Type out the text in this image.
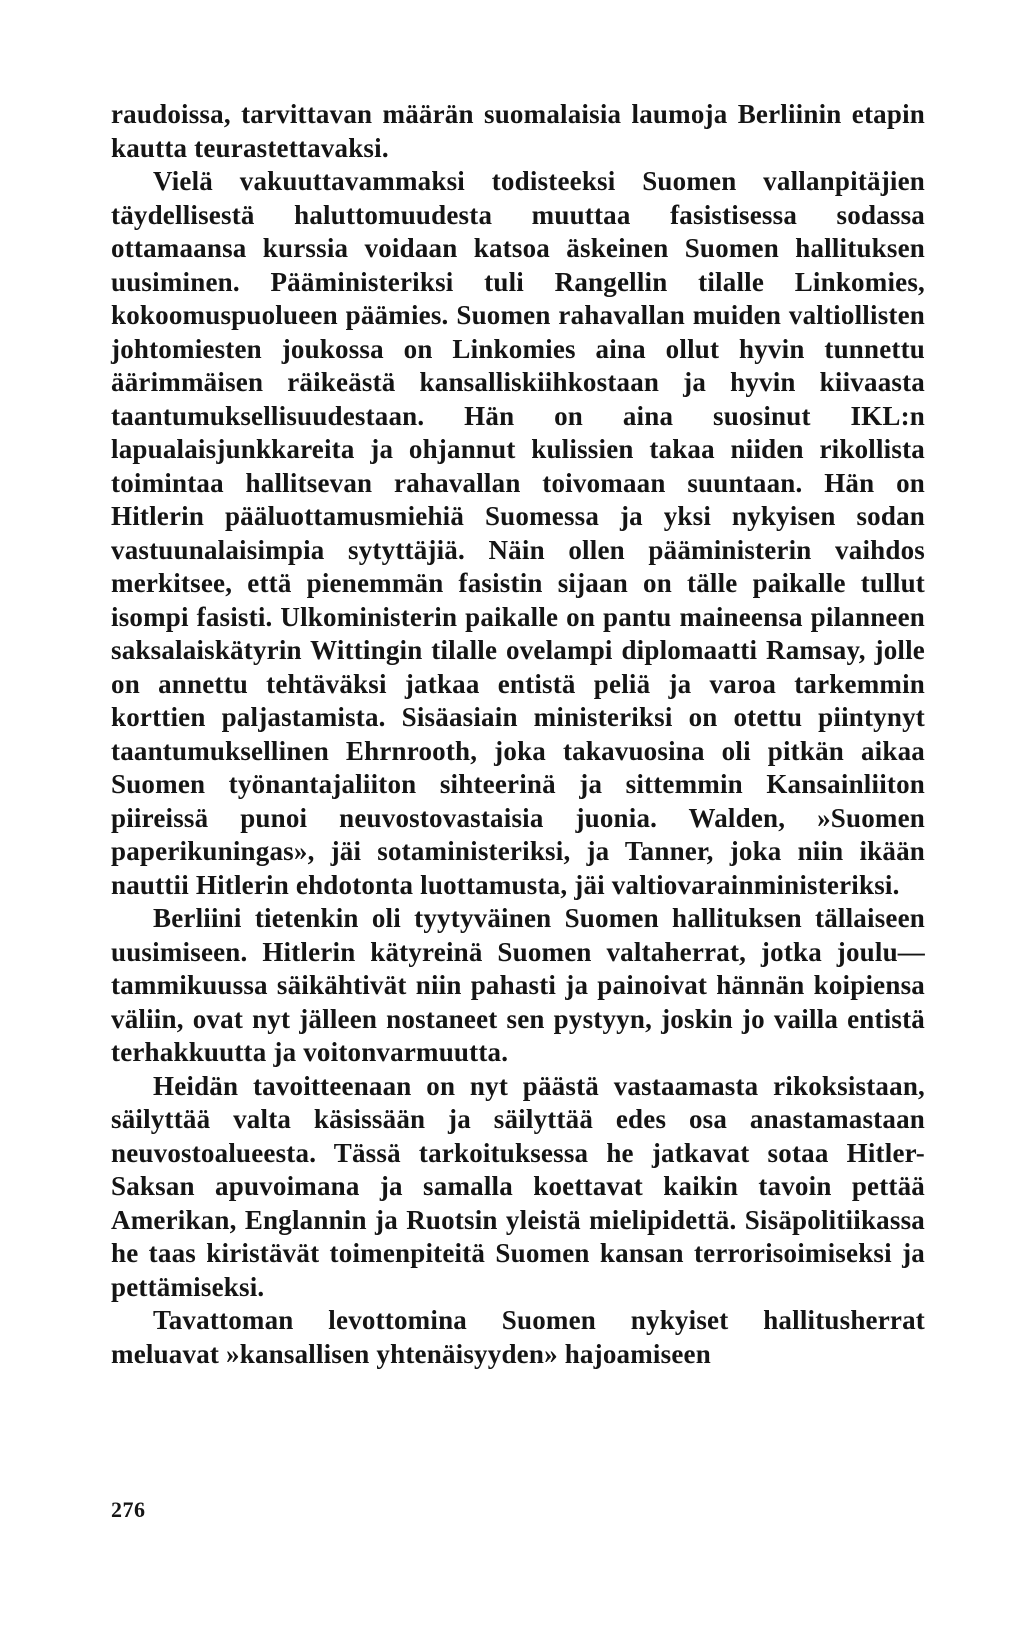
raudoissa, tarvittavan määrän suomalaisia laumoja Berliinin etapin kautta teurastettavaksi.

Vielä vakuuttavammaksi todisteeksi Suomen vallanpitäjien täydellisestä haluttomuudesta muuttaa fasistisessa sodassa ottamaansa kurssia voidaan katsoa äskeinen Suomen hallituksen uusiminen. Pääministeriksi tuli Rangellin tilalle Linkomies, kokoomuspuolueen päämies. Suomen rahavallan muiden valtiollisten johtomiesten joukossa on Linkomies aina ollut hyvin tunnettu äärimmäisen räikeästä kansalliskiihkostaan ja hyvin kiivaasta taantumuksellisuudestaan. Hän on aina suosinut IKL:n lapualaisjunkkareita ja ohjannut kulissien takaa niiden rikollista toimintaa hallitsevan rahavallan toivomaan suuntaan. Hän on Hitlerin pääluottamusmiehiä Suomessa ja yksi nykyisen sodan vastuunalaisimpia sytyttäjiä. Näin ollen pääministerin vaihdos merkitsee, että pienemmän fasistin sijaan on tälle paikalle tullut isompi fasisti. Ulkoministerin paikalle on pantu maineensa pilanneen saksalaiskätyrin Wittingin tilalle ovelampi diplomaatti Ramsay, jolle on annettu tehtäväksi jatkaa entistä peliä ja varoa tarkemmin korttien paljastamista. Sisäasiain ministeriksi on otettu piintynyt taantumuksellinen Ehrnrooth, joka takavuosina oli pitkän aikaa Suomen työnantajaliiton sihteerinä ja sittemmin Kansainliiton piireissä punoi neuvostovastaisia juonia. Walden, »Suomen paperikuningas», jäi sotaministeriksi, ja Tanner, joka niin ikään nauttii Hitlerin ehdotonta luottamusta, jäi valtiovarainministeriksi.

Berliini tietenkin oli tyytyväinen Suomen hallituksen tällaiseen uusimiseen. Hitlerin kätyreinä Suomen valtaherrat, jotka joulu—tammikuussa säikähtivät niin pahasti ja painoivat hännän koipiensa väliin, ovat nyt jälleen nostaneet sen pystyyn, joskin jo vailla entistä terhakkuutta ja voitonvarmuutta.

Heidän tavoitteenaan on nyt päästä vastaamasta rikoksistaan, säilyttää valta käsissään ja säilyttää edes osa anastamastaan neuvostoalueesta. Tässä tarkoituksessa he jatkavat sotaa Hitler-Saksan apuvoimana ja samalla koettavat kaikin tavoin pettää Amerikan, Englannin ja Ruotsin yleistä mielipidettä. Sisäpolitiikassa he taas kiristävät toimenpiteitä Suomen kansan terrorisoimiseksi ja pettämiseksi.

Tavattoman levottomina Suomen nykyiset hallitusherrat meluavat »kansallisen yhtenäisyyden» hajoamiseen

276
